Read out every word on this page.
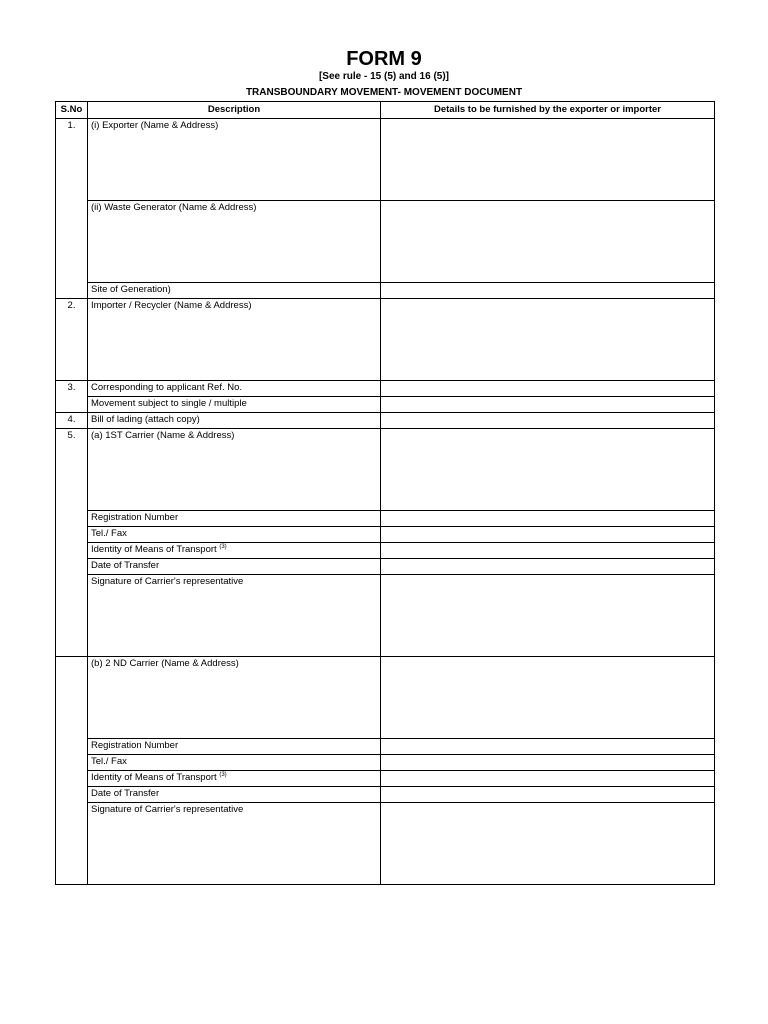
FORM 9
[See rule - 15 (5) and 16 (5)]
TRANSBOUNDARY MOVEMENT- MOVEMENT DOCUMENT
S.No	Description	Details to be furnished by the exporter or importer
1.	(i) Exporter (Name & Address)	
	(ii) Waste Generator (Name & Address)	
	Site of Generation)	
2.	Importer / Recycler (Name & Address)	
3.	Corresponding to applicant Ref. No.	
	Movement subject to single / multiple	
4.	Bill of lading (attach copy)	
5.	(a) 1ST Carrier (Name & Address)	
	Registration Number	
	Tel./ Fax	
	Identity of Means of Transport $^{(3)}$	
	Date of Transfer	
	Signature of Carrier's representative	
	(b) 2 ND Carrier (Name & Address)	
	Registration Number	
	Tel./ Fax	
	Identity of Means of Transport $^{(3)}$	
	Date of Transfer	
	Signature of Carrier's representative	
